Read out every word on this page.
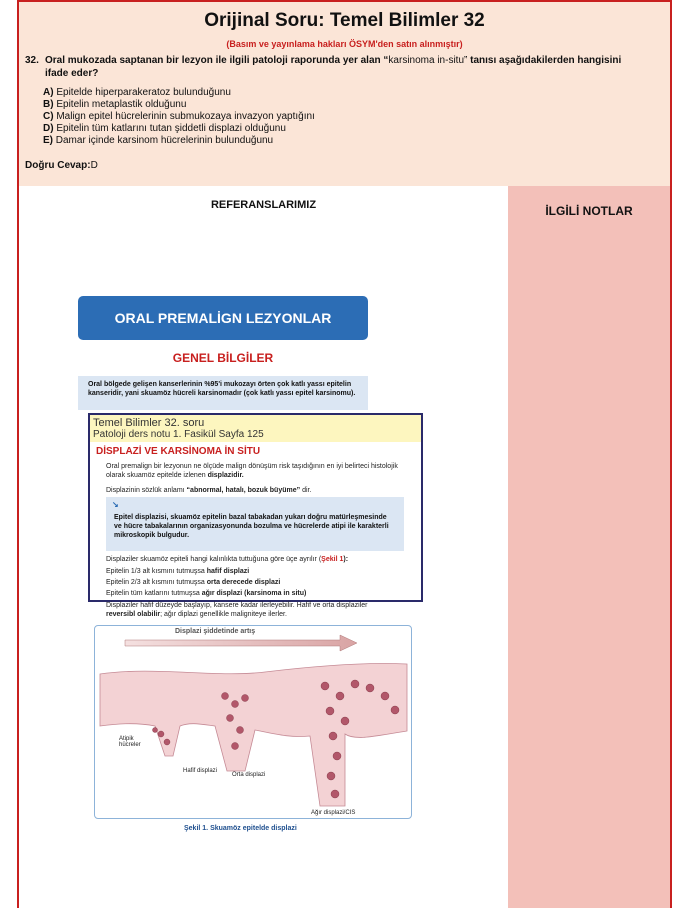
Orijinal Soru: Temel Bilimler 32
(Basım ve yayınlama hakları ÖSYM'den satın alınmıştır)
32. Oral mukozada saptanan bir lezyon ile ilgili patoloji raporunda yer alan “karsinoma in-situ” tanısı aşağıdakilerden hangisini ifade eder?
A) Epitelde hiperparakeratoz bulunduğunu
B) Epitelin metaplastik olduğunu
C) Malign epitel hücrelerinin submukozaya invazyon yaptığını
D) Epitelin tüm katlarını tutan şiddetli displazi olduğunu
E) Damar içinde karsinom hücrelerinin bulunduğunu
Doğru Cevap:D
REFERANSLARIMIZ	İLGİLİ NOTLAR
ORAL PREMALİGN LEZYONLAR
GENEL BİLGİLER
Oral bölgede gelişen kanserlerinin %95'i mukozayı örten çok katlı yassı epitelin kanseridir, yani skuamöz hücreli karsinomadır (çok katlı yassı epitel karsinomu).
Temel Bilimler 32. soru
Patoloji ders notu 1. Fasikül Sayfa 125
DİSPLAZİ VE KARSİNOMA İN SİTU
Oral premalign bir lezyonun ne ölçüde malign dönüşüm risk taşıdığının en iyi belirteci histolojik olarak skuamöz epitelde izlenen displazidir.
Displazinin sözlük anlamı “abnormal, hatalı, bozuk büyüme” dir.
↘
Epitel displazisi, skuamöz epitelin bazal tabakadan yukarı doğru matürleşmesinde ve hücre tabakalarının organizasyonunda bozulma ve hücrelerde atipi ile karakterli mikroskopik bulgudur.
Displaziler skuamöz epiteli hangi kalınlıkta tuttuğuna göre üçe ayrılır (Şekil 1):
Epitelin 1/3 alt kısmını tutmuşsa hafif displazi
Epitelin 2/3 alt kısmını tutmuşsa orta derecede displazi
Epitelin tüm katlarını tutmuşsa ağır displazi (karsinoma in situ)
Displaziler hafif düzeyde başlayıp, kansere kadar ilerleyebilir. Hafif ve orta displaziler reversibl olabilir; ağır diplazi genellikle maligniteye ilerler.
Displazi şiddetinde artış
Atipik hücreler
Hafif displazi
Orta displazi
Ağır displazi/CIS
Şekil 1. Skuamöz epitelde displazi
